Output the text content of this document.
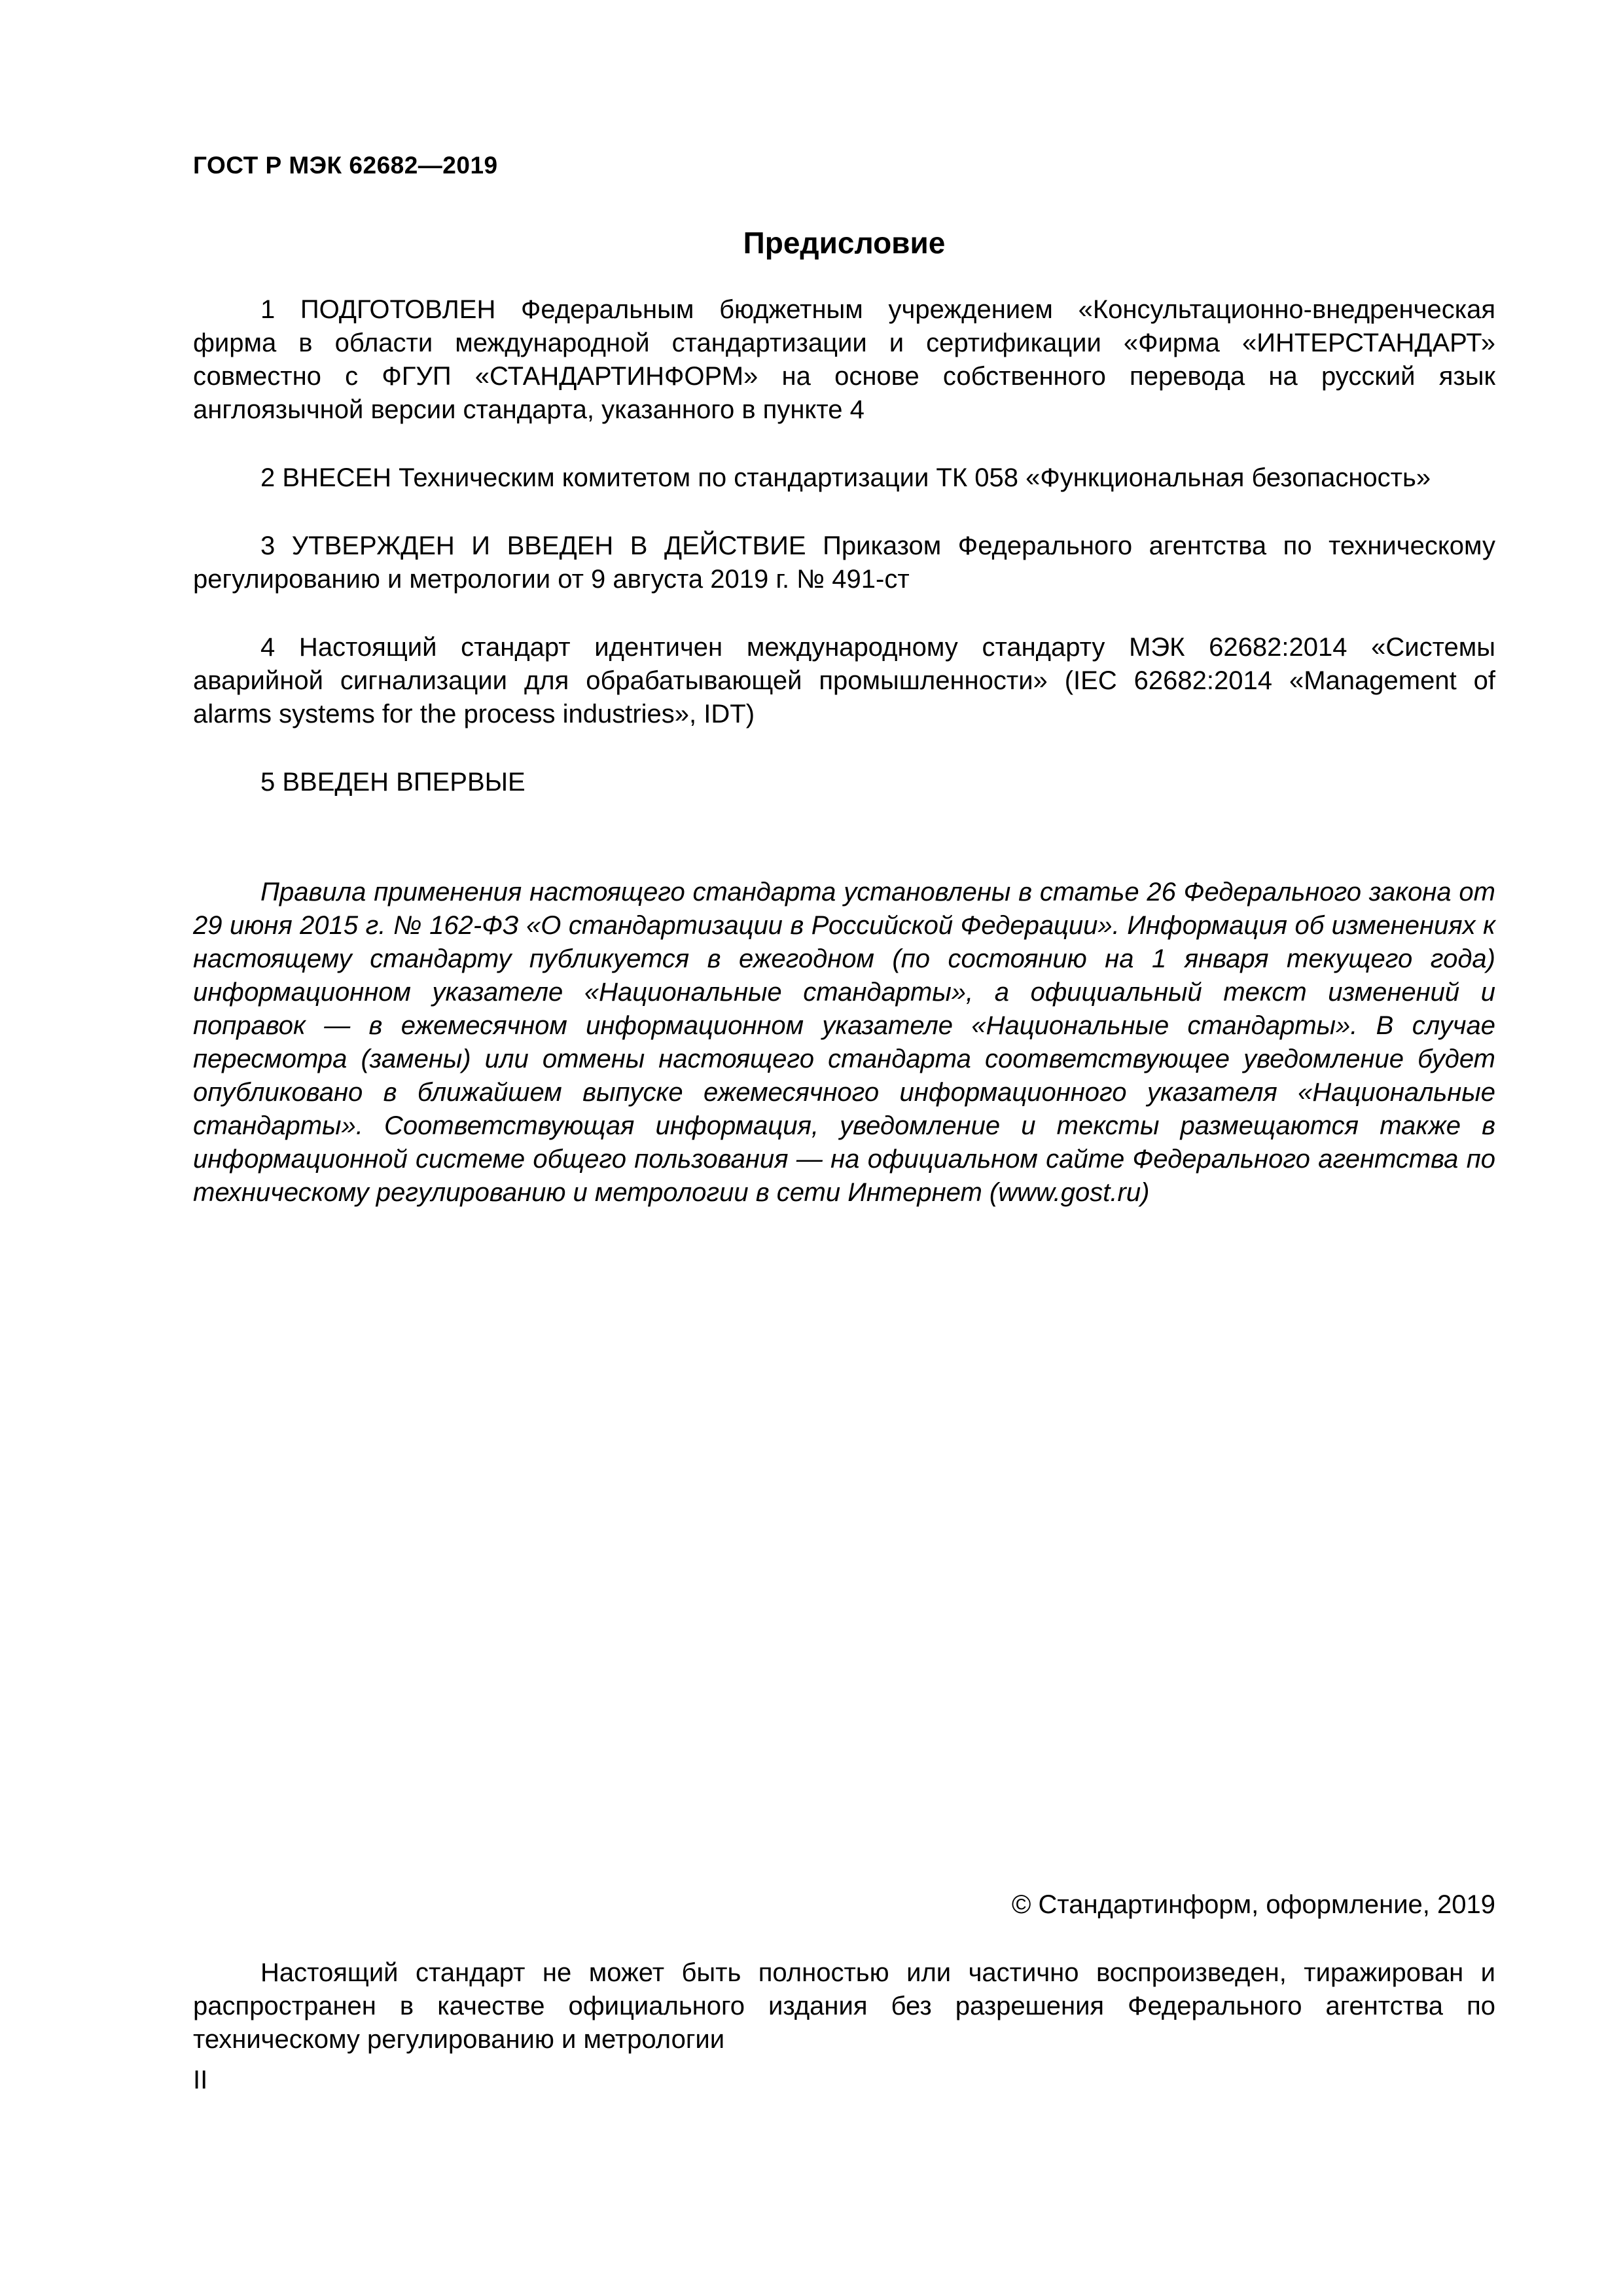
ГОСТ Р МЭК 62682—2019
Предисловие

1 ПОДГОТОВЛЕН Федеральным бюджетным учреждением «Консультационно-внедренческая фирма в области международной стандартизации и сертификации «Фирма «ИНТЕРСТАНДАРТ» совместно с ФГУП «СТАНДАРТИНФОРМ» на основе собственного перевода на русский язык англоязычной версии стандарта, указанного в пункте 4

2 ВНЕСЕН Техническим комитетом по стандартизации ТК 058 «Функциональная безопасность»

3 УТВЕРЖДЕН И ВВЕДЕН В ДЕЙСТВИЕ Приказом Федерального агентства по техническому регулированию и метрологии от 9 августа 2019 г. № 491-ст

4 Настоящий стандарт идентичен международному стандарту МЭК 62682:2014 «Системы аварийной сигнализации для обрабатывающей промышленности» (IEC 62682:2014 «Management of alarms systems for the process industries», IDT)

5 ВВЕДЕН ВПЕРВЫЕ

Правила применения настоящего стандарта установлены в статье 26 Федерального закона от 29 июня 2015 г. № 162-ФЗ «О стандартизации в Российской Федерации». Информация об изменениях к настоящему стандарту публикуется в ежегодном (по состоянию на 1 января текущего года) информационном указателе «Национальные стандарты», а официальный текст изменений и поправок — в ежемесячном информационном указателе «Национальные стандарты». В случае пересмотра (замены) или отмены настоящего стандарта соответствующее уведомление будет опубликовано в ближайшем выпуске ежемесячного информационного указателя «Национальные стандарты». Соответствующая информация, уведомление и тексты размещаются также в информационной системе общего пользования — на официальном сайте Федерального агентства по техническому регулированию и метрологии в сети Интернет (www.gost.ru)

© Стандартинформ, оформление, 2019

Настоящий стандарт не может быть полностью или частично воспроизведен, тиражирован и распространен в качестве официального издания без разрешения Федерального агентства по техническому регулированию и метрологии

II
